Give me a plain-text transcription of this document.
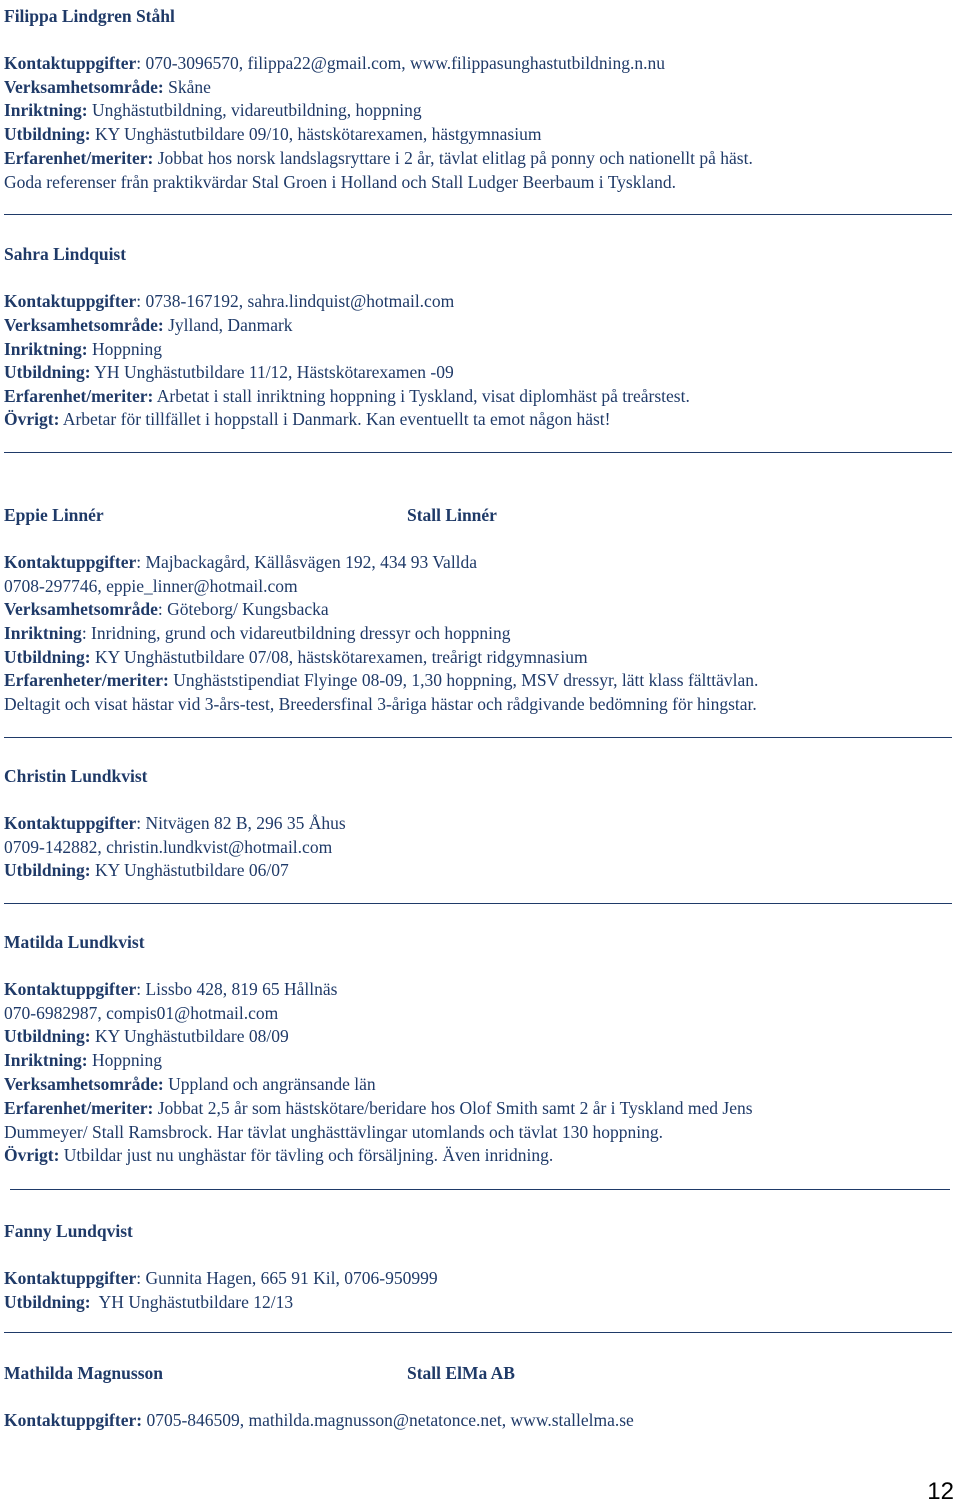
Filippa Lindgren Ståhl
Kontaktuppgifter: 070-3096570, filippa22@gmail.com, www.filippasunghastutbildning.n.nu
Verksamhetsområde: Skåne
Inriktning: Unghästutbildning, vidareutbildning, hoppning
Utbildning: KY Unghästutbildare 09/10, hästskötarexamen, hästgymnasium
Erfarenhet/meriter: Jobbat hos norsk landslagsryttare i 2 år, tävlat elitlag på ponny och nationellt på häst.
Goda referenser från praktikvärdar Stal Groen i Holland och Stall Ludger Beerbaum i Tyskland.
Sahra Lindquist
Kontaktuppgifter: 0738-167192, sahra.lindquist@hotmail.com
Verksamhetsområde: Jylland, Danmark
Inriktning: Hoppning
Utbildning: YH Unghästutbildare 11/12, Hästskötarexamen -09
Erfarenhet/meriter: Arbetat i stall inriktning hoppning i Tyskland, visat diplomhäst på treårstest.
Övrigt: Arbetar för tillfället i hoppstall i Danmark. Kan eventuellt ta emot någon häst!
Eppie Linnér	Stall Linnér
Kontaktuppgifter: Majbackagård, Källåsvägen 192, 434 93 Vallda
0708-297746, eppie_linner@hotmail.com
Verksamhetsområde: Göteborg/ Kungsbacka
Inriktning: Inridning, grund och vidareutbildning dressyr och hoppning
Utbildning: KY Unghästutbildare 07/08, hästskötarexamen, treårigt ridgymnasium
Erfarenheter/meriter: Unghäststipendiat Flyinge 08-09, 1,30 hoppning, MSV dressyr, lätt klass fälttävlan.
Deltagit och visat hästar vid 3-års-test, Breedersfinal 3-åriga hästar och rådgivande bedömning för hingstar.
Christin Lundkvist
Kontaktuppgifter: Nitvägen 82 B, 296 35 Åhus
0709-142882, christin.lundkvist@hotmail.com
Utbildning: KY Unghästutbildare 06/07
Matilda Lundkvist
Kontaktuppgifter: Lissbo 428, 819 65 Hållnäs
070-6982987, compis01@hotmail.com
Utbildning: KY Unghästutbildare 08/09
Inriktning: Hoppning
Verksamhetsområde: Uppland och angränsande län
Erfarenhet/meriter: Jobbat 2,5 år som hästskötare/beridare hos Olof Smith samt 2 år i Tyskland med Jens
Dummeyer/ Stall Ramsbrock. Har tävlat unghästtävlingar utomlands och tävlat 130 hoppning.
Övrigt: Utbildar just nu unghästar för tävling och försäljning. Även inridning.
Fanny Lundqvist
Kontaktuppgifter: Gunnita Hagen, 665 91 Kil, 0706-950999
Utbildning:  YH Unghästutbildare 12/13
Mathilda Magnusson	Stall ElMa AB
Kontaktuppgifter: 0705-846509, mathilda.magnusson@netatonce.net, www.stallelma.se
12
